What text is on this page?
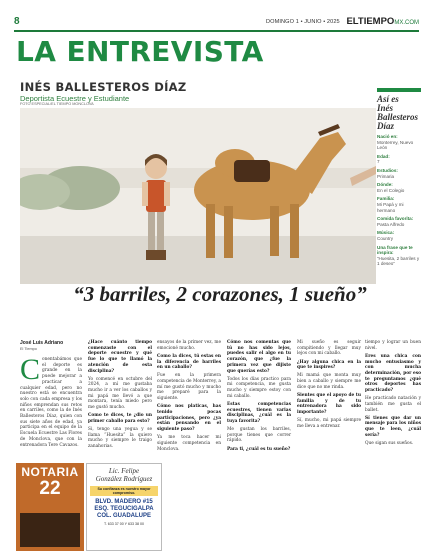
8	DOMINGO 1 • JUNIO • 2025 ELTIEMPOMX.COM
LA ENTREVISTA
INÉS BALLESTEROS DÍAZ
Deportista Ecuestre y Estudiante
FOTO ESPECIAL/EL TIEMPO MONCLOVA	Así es
Inés
Ballesteros
Díaz
Nació en:
Monterrey, Nuevo León
Edad:
7
Estudios:
Primaria
Dónde:
En el Colegio
Familia:
Mi Papá y mi hermano
Comida favorita:
Pasta Alfredo
Música:
Country
Una frase que te inspira:
“Huesita, 2 barriles y 1 deseo”
“3 barriles, 2 corazones, 1 sueño”
José Luis Adriano
El Tiempo
C onentabámos que el deporte es grande en la puede mejorar a practicar a cualquier edad, pero no nuestro está se encuentra solo con cada empresa y los niños emprendan sus retos en carriles, como la de Inés Ballesteros Díaz, quien con sus siete años de edad, ya participa en el equipo de la Escuela Ecuestre Las Flores de Monclova, que con la entrenadora Tere Cavazos.

¿Hace cuánto tiempo comenzaste con el deporte ecuestre y qué fue lo que te llamó la atención de esta disciplina?

Yo comencé en octubre del 2024, a mí me gustaba mucho ir a ver los caballos y mi papá me llevó a que montara, tenía miedo pero me gustó mucho.

Como te dices, te ¿dio un primer caballo para esto?

Si, tengo una yegua y se llama “Huesita” la quiero mucho y siempre le traigo zanahorias.

ensayos de la primer vez, me emocioné mucho.

Como la dices, tú estas en la diferencia de barriles en un caballo?

Fue en la primera competencia de Monterrey, a mí me gustó mucho y mucho me preparé para la siguiente.

Cómo nos platicas, has tenido pocas participaciones, pero ¿ya están pensando en el siguiente paso?

Ya me toca hacer mi siguiente competencia en Monclova.

Cómo nos comentas que tú no has sido lejos, puedes salir el algo en tu corazón, que ¿fue la primera vez que dijiste que querías esto?

Todos los días practico para mi competencia, me gusta mucho y siempre estoy con mi caballo.

Estas competencias ecuestres, tienen varias disciplinas, ¿cuál es la tuya favorita?

Me gustan los barriles, porque tienes que correr rápido.

Para ti, ¿cuál es tu sueño?

Mi sueño es seguir compitiendo y llegar muy lejos con mi caballo.

¿Hay alguna chica en la que te inspires?

Mi mamá que monta muy bien a caballo y siempre me dice que no me rinda.

Sientes que el apoyo de tu familia y de tu entrenadora ha sido importante?

Sí, mucho, mi papá siempre me lleva a entrenar.

tiempo y lograr un buen nivel.

Eres una chica con mucho entusiasmo y con mucha determinación, por eso te preguntamos ¿qué otros deportes has practicado?

He practicado natación y también me gusta el ballet.

Sí tienes que dar un mensaje para los niños que te leen, ¿cuál sería?

Que sigan sus sueños.

NOTARIA
22
Lic. Felipe
González Rodríguez
Su confianza es nuestro mayor compromiso.
BLVD. MADERO #15
ESQ. TEGUCIGALPA
COL. GUADALUPE
T. 633 37 00 Y 633 38 00
